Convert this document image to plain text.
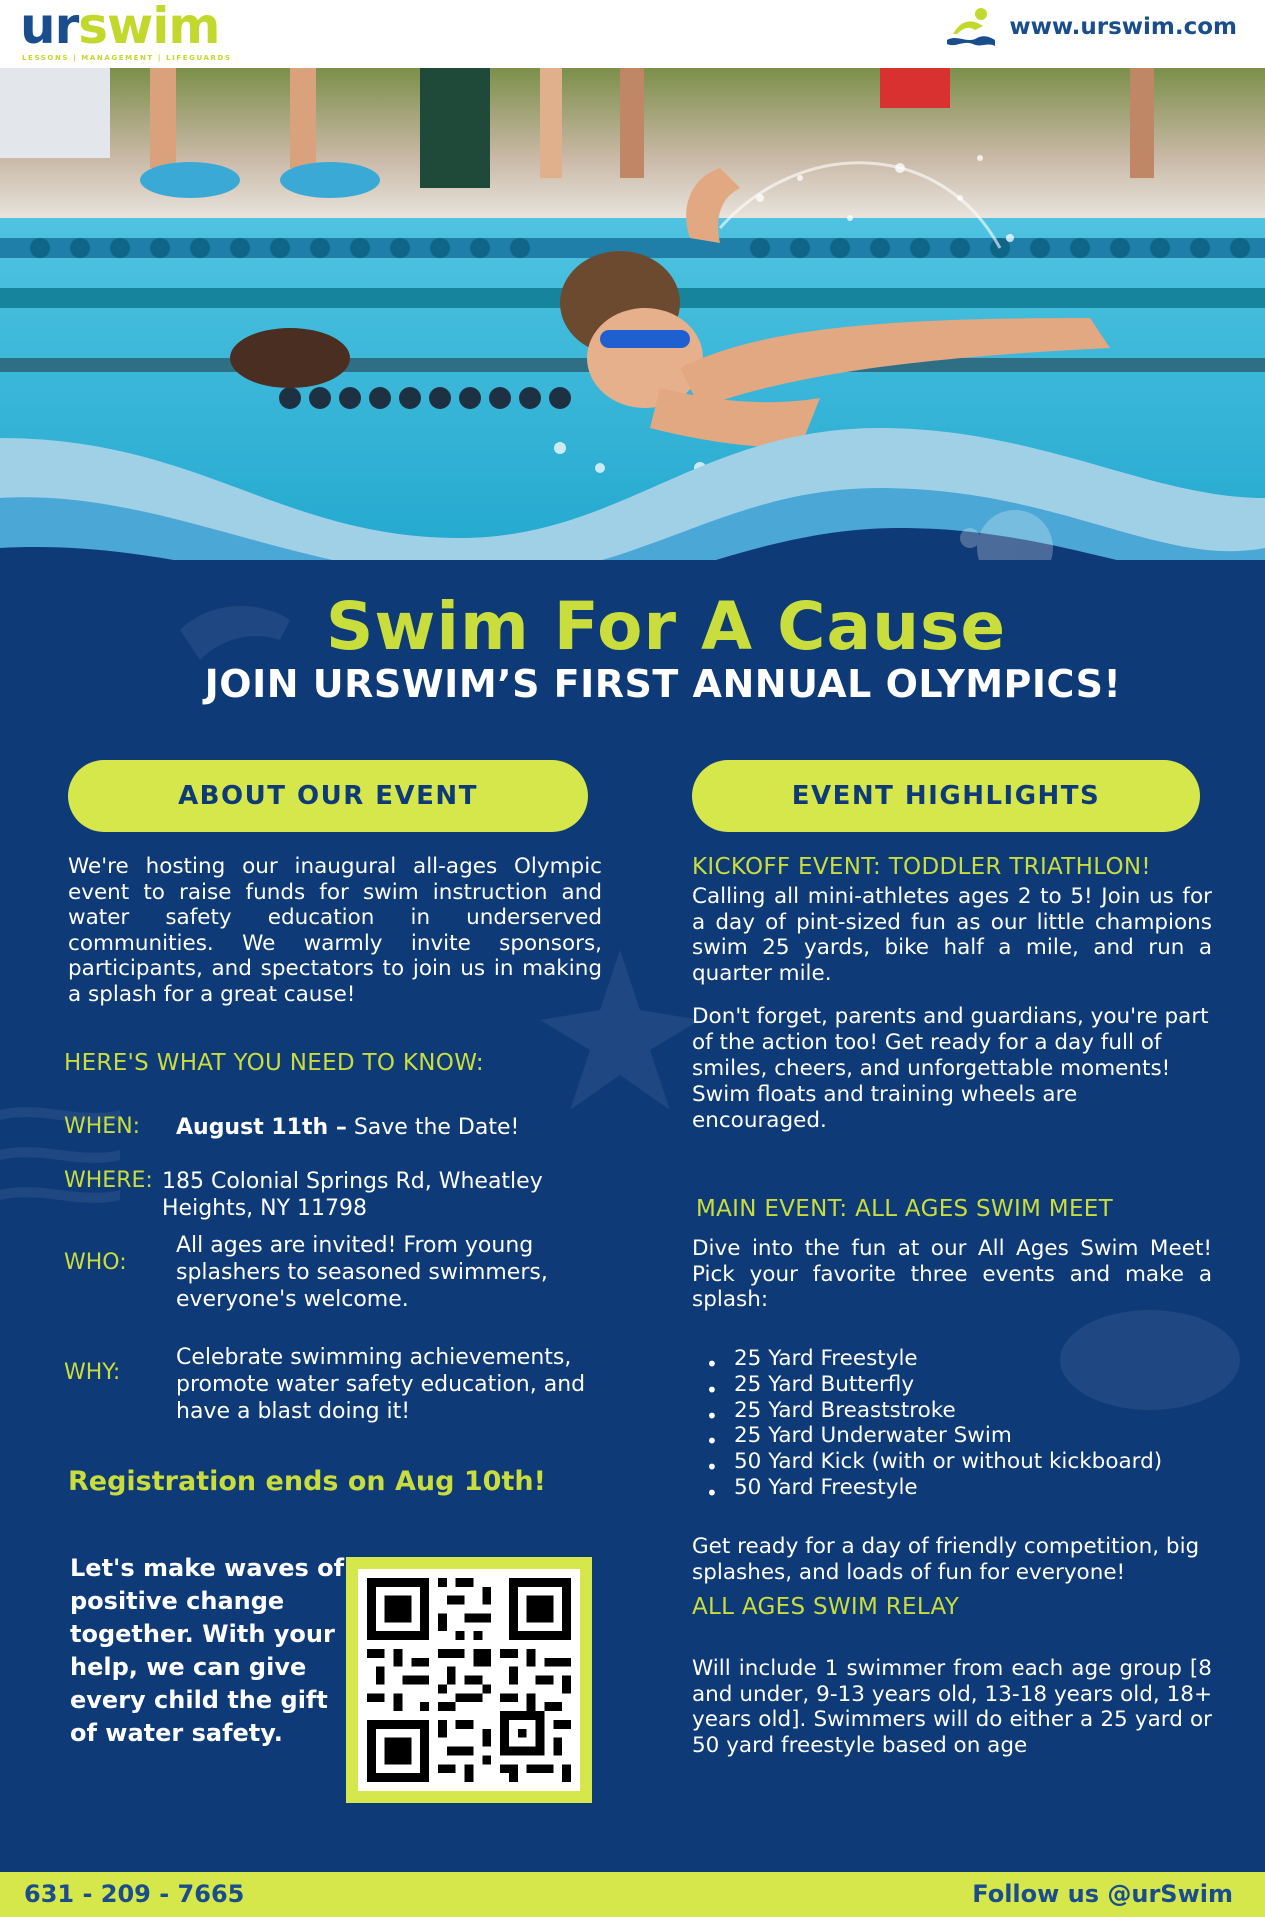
urswim
LESSONS | MANAGEMENT | LIFEGUARDS
www.urswim.com
Swim For A Cause
JOIN URSWIM’S FIRST ANNUAL OLYMPICS!
ABOUT OUR EVENT	EVENT HIGHLIGHTS
We're hosting our inaugural all-ages Olympic event to raise funds for swim instruction and water safety education in underserved communities. We warmly invite sponsors, participants, and spectators to join us in making a splash for a great cause!
HERE'S WHAT YOU NEED TO KNOW:
WHEN: August 11th – Save the Date!
WHERE: 185 Colonial Springs Rd, Wheatley Heights, NY 11798
WHO:
All ages are invited! From young splashers to seasoned swimmers, everyone's welcome.
WHY:
Celebrate swimming achievements, promote water safety education, and have a blast doing it!
Registration ends on Aug 10th!
Let's make waves of positive change together. With your help, we can give every child the gift of water safety.
KICKOFF EVENT: TODDLER TRIATHLON!
Calling all mini-athletes ages 2 to 5! Join us for a day of pint-sized fun as our little champions swim 25 yards, bike half a mile, and run a quarter mile.
Don't forget, parents and guardians, you're part of the action too! Get ready for a day full of smiles, cheers, and unforgettable moments! Swim floats and training wheels are encouraged.
MAIN EVENT: ALL AGES SWIM MEET
Dive into the fun at our All Ages Swim Meet! Pick your favorite three events and make a splash:
• 25 Yard Freestyle
• 25 Yard Butterfly
• 25 Yard Breaststroke
• 25 Yard Underwater Swim
• 50 Yard Kick (with or without kickboard)
• 50 Yard Freestyle
Get ready for a day of friendly competition, big splashes, and loads of fun for everyone!
ALL AGES SWIM RELAY
Will include 1 swimmer from each age group [8 and under, 9-13 years old, 13-18 years old, 18+ years old]. Swimmers will do either a 25 yard or 50 yard freestyle based on age
631 - 209 - 7665	Follow us @urSwim
